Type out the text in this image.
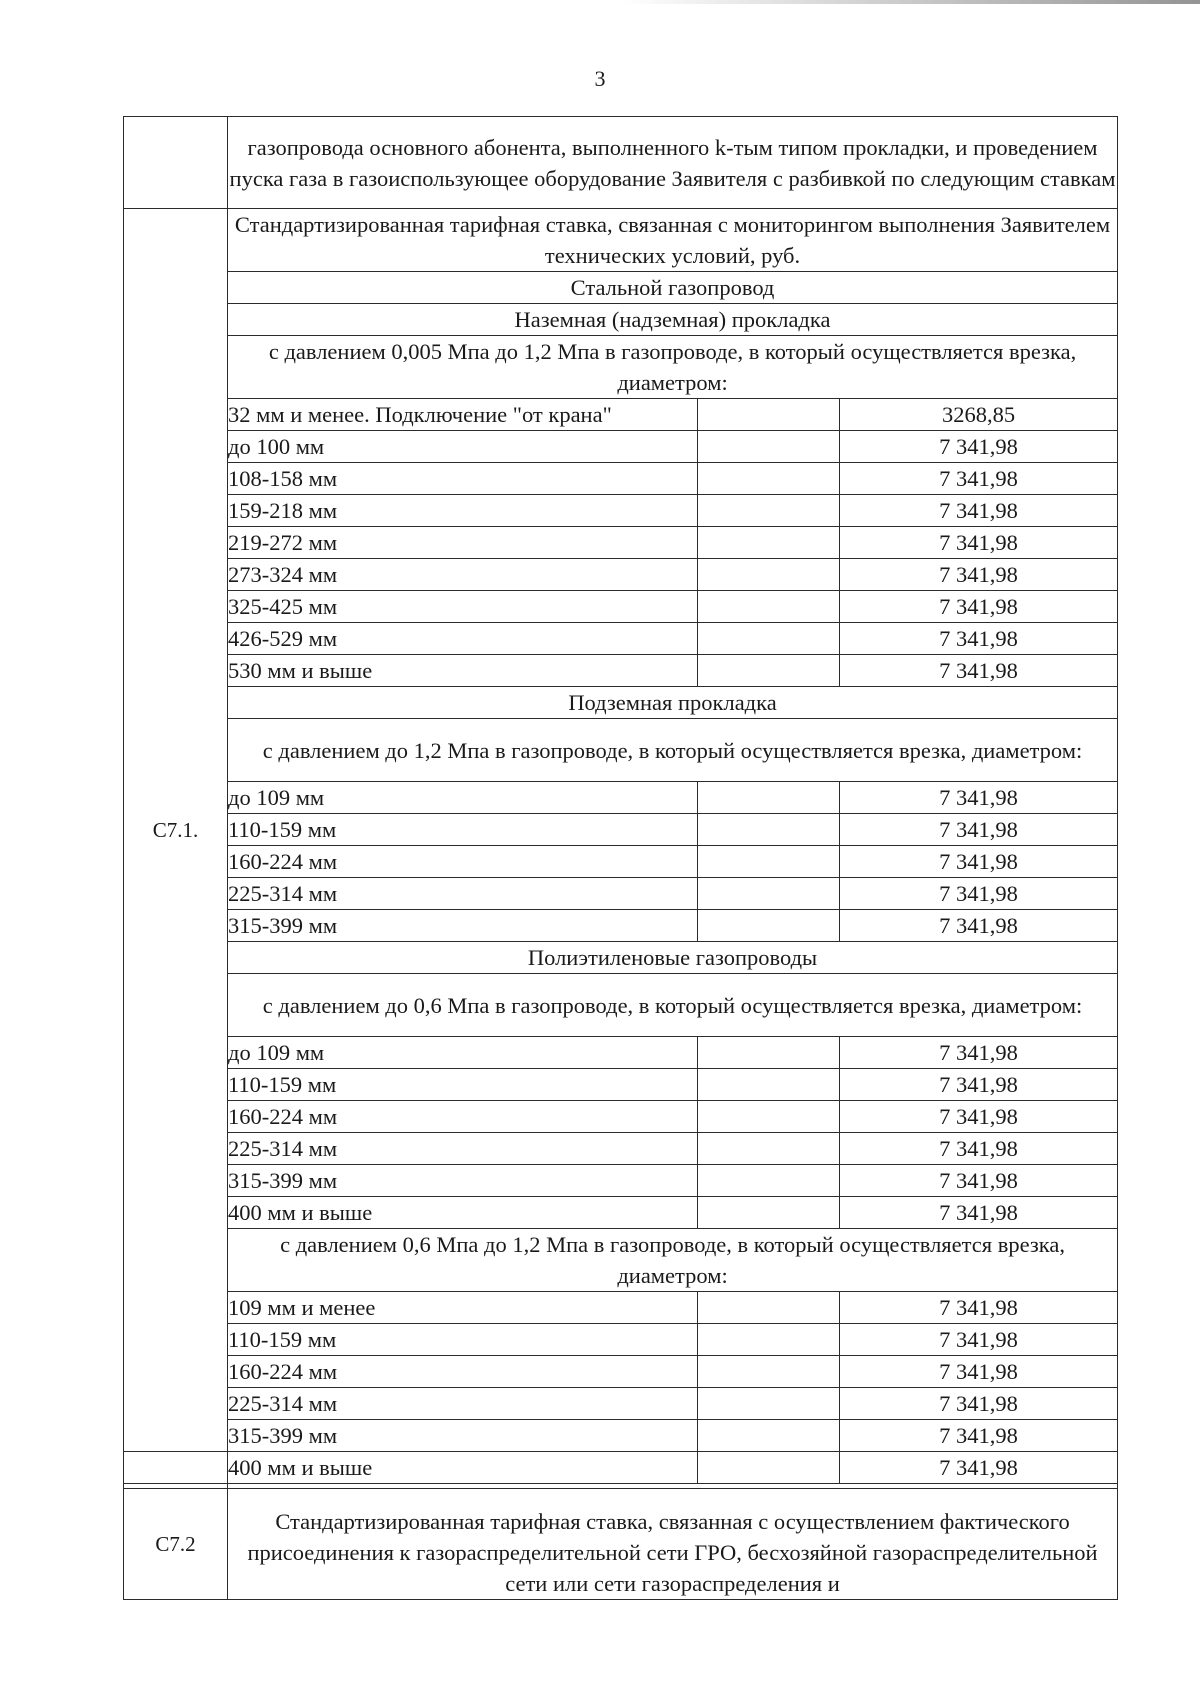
3
	газопровода основного абонента, выполненного k-тым типом прокладки, и проведением пуска газа в газоиспользующее оборудование Заявителя с разбивкой по следующим ставкам		
С7.1.	Стандартизированная тарифная ставка, связанная с мониторингом выполнения Заявителем технических условий, руб.		
	Стальной газопровод		
	Наземная (надземная) прокладка		
	с давлением 0,005 Мпа до 1,2 Мпа в газопроводе, в который осуществляется врезка, диаметром:		
	32 мм и менее. Подключение "от крана"		3268,85
	до 100 мм		7 341,98
	108-158 мм		7 341,98
	159-218 мм		7 341,98
	219-272 мм		7 341,98
	273-324 мм		7 341,98
	325-425 мм		7 341,98
	426-529 мм		7 341,98
	530 мм и выше		7 341,98
	Подземная прокладка		
	с давлением до 1,2 Мпа в газопроводе, в который осуществляется врезка, диаметром:		
	до 109 мм		7 341,98
	110-159 мм		7 341,98
	160-224 мм		7 341,98
	225-314 мм		7 341,98
	315-399 мм		7 341,98
	Полиэтиленовые газопроводы		
	с давлением до 0,6 Мпа в газопроводе, в который осуществляется врезка, диаметром:		
	до 109 мм		7 341,98
	110-159 мм		7 341,98
	160-224 мм		7 341,98
	225-314 мм		7 341,98
	315-399 мм		7 341,98
	400 мм и выше		7 341,98
	с давлением 0,6 Мпа до 1,2 Мпа в газопроводе, в который осуществляется врезка, диаметром:		
	109 мм и менее		7 341,98
	110-159 мм		7 341,98
	160-224 мм		7 341,98
	225-314 мм		7 341,98
	315-399 мм		7 341,98
	400 мм и выше		7 341,98

С7.2	Стандартизированная тарифная ставка, связанная с осуществлением фактического присоединения к газораспределительной сети ГРО, бесхозяйной газораспределительной сети или сети газораспределения и		
